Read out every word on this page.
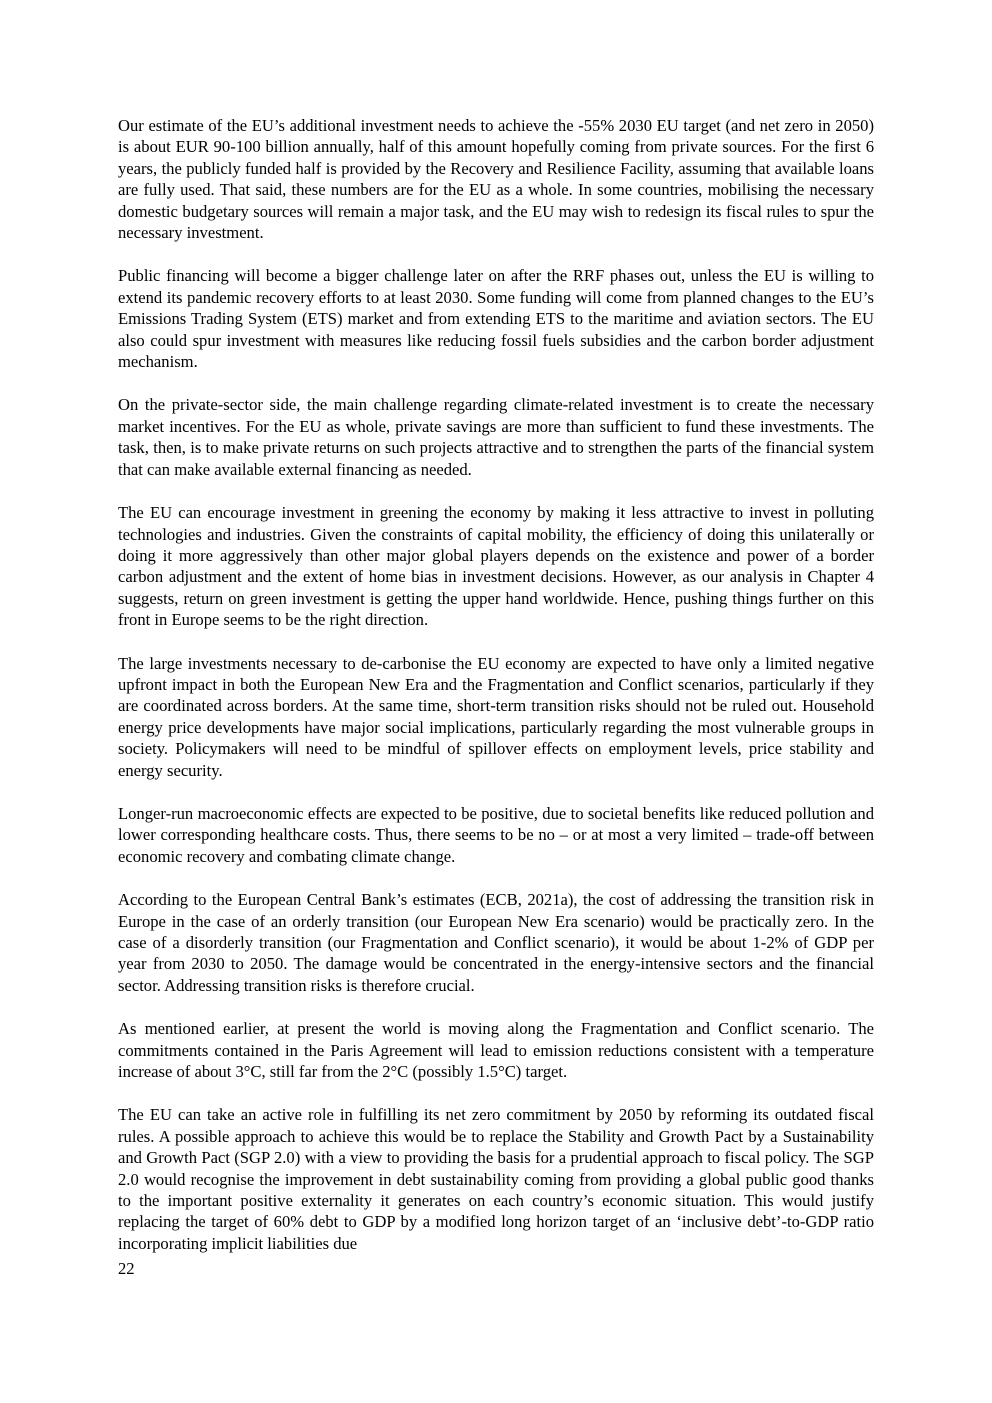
Our estimate of the EU’s additional investment needs to achieve the -55% 2030 EU target (and net zero in 2050) is about EUR 90-100 billion annually, half of this amount hopefully coming from private sources. For the first 6 years, the publicly funded half is provided by the Recovery and Resilience Facility, assuming that available loans are fully used. That said, these numbers are for the EU as a whole. In some countries, mobilising the necessary domestic budgetary sources will remain a major task, and the EU may wish to redesign its fiscal rules to spur the necessary investment.

Public financing will become a bigger challenge later on after the RRF phases out, unless the EU is willing to extend its pandemic recovery efforts to at least 2030. Some funding will come from planned changes to the EU’s Emissions Trading System (ETS) market and from extending ETS to the maritime and aviation sectors. The EU also could spur investment with measures like reducing fossil fuels subsidies and the carbon border adjustment mechanism.

On the private-sector side, the main challenge regarding climate-related investment is to create the necessary market incentives. For the EU as whole, private savings are more than sufficient to fund these investments. The task, then, is to make private returns on such projects attractive and to strengthen the parts of the financial system that can make available external financing as needed.

The EU can encourage investment in greening the economy by making it less attractive to invest in polluting technologies and industries. Given the constraints of capital mobility, the efficiency of doing this unilaterally or doing it more aggressively than other major global players depends on the existence and power of a border carbon adjustment and the extent of home bias in investment decisions. However, as our analysis in Chapter 4 suggests, return on green investment is getting the upper hand worldwide. Hence, pushing things further on this front in Europe seems to be the right direction.

The large investments necessary to de-carbonise the EU economy are expected to have only a limited negative upfront impact in both the European New Era and the Fragmentation and Conflict scenarios, particularly if they are coordinated across borders. At the same time, short-term transition risks should not be ruled out. Household energy price developments have major social implications, particularly regarding the most vulnerable groups in society. Policymakers will need to be mindful of spillover effects on employment levels, price stability and energy security.

Longer-run macroeconomic effects are expected to be positive, due to societal benefits like reduced pollution and lower corresponding healthcare costs. Thus, there seems to be no – or at most a very limited – trade-off between economic recovery and combating climate change.

According to the European Central Bank’s estimates (ECB, 2021a), the cost of addressing the transition risk in Europe in the case of an orderly transition (our European New Era scenario) would be practically zero. In the case of a disorderly transition (our Fragmentation and Conflict scenario), it would be about 1-2% of GDP per year from 2030 to 2050. The damage would be concentrated in the energy-intensive sectors and the financial sector. Addressing transition risks is therefore crucial.

As mentioned earlier, at present the world is moving along the Fragmentation and Conflict scenario. The commitments contained in the Paris Agreement will lead to emission reductions consistent with a temperature increase of about 3°C, still far from the 2°C (possibly 1.5°C) target.

The EU can take an active role in fulfilling its net zero commitment by 2050 by reforming its outdated fiscal rules. A possible approach to achieve this would be to replace the Stability and Growth Pact by a Sustainability and Growth Pact (SGP 2.0) with a view to providing the basis for a prudential approach to fiscal policy. The SGP 2.0 would recognise the improvement in debt sustainability coming from providing a global public good thanks to the important positive externality it generates on each country’s economic situation. This would justify replacing the target of 60% debt to GDP by a modified long horizon target of an ‘inclusive debt’-to-GDP ratio incorporating implicit liabilities due

22
